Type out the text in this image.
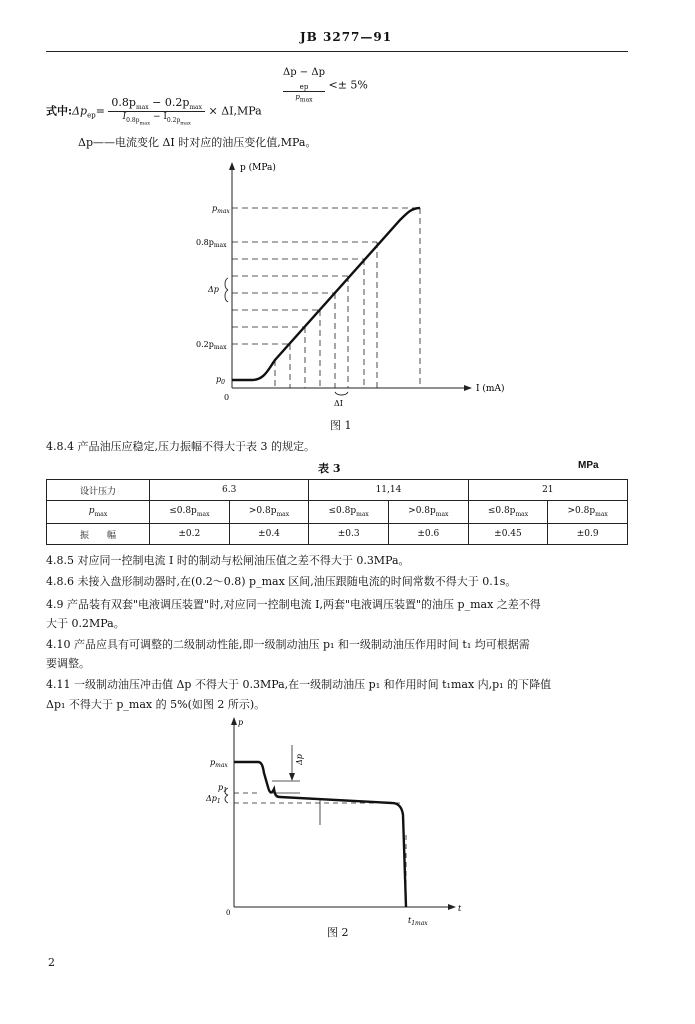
JB 3277—91
Δp − Δp
$_{ep}$
$p_{max}$
<± 5%
式中$:\Delta p_{ep}= \frac{0.8p_{max} - 0.2p_{max}}{I_{0.8p_{max}} - I_{0.2p_{max}}} \times \Delta I,MPa$
Δp——电流变化 ΔI 时对应的油压变化值,MPa。
p (MPa)
I (mA)
0
$p_{max}$
$0.8p_{max}$
Δp
$0.2p_{max}$
$p_0$
ΔI
图 1
4.8.4 产品油压应稳定,压力振幅不得大于表 3 的规定。
表 3	MPa
设计压力	6.3		11,14		21	
$p_{max}$	$\le 0.8p_{max}$	$>0.8p_{max}$	$\le 0.8p_{max}$	$>0.8p_{max}$	$\le 0.8p_{max}$	$>0.8p_{max}$
振　　幅	±0.2	±0.4	±0.3	±0.6	±0.45	±0.9
4.8.5 对应同一控制电流 I 时的制动与松闸油压值之差不得大于 0.3MPa。
4.8.6 未接入盘形制动器时,在(0.2～0.8) p_max 区间,油压跟随电流的时间常数不得大于 0.1s。
4.9 产品装有双套"电液调压装置"时,对应同一控制电流 I,两套"电液调压装置"的油压 p_max 之差不得
大于 0.2MPa。
4.10 产品应具有可调整的二级制动性能,即一级制动油压 p₁ 和一级制动油压作用时间 t₁ 均可根据需
要调整。
4.11 一级制动油压冲击值 Δp 不得大于 0.3MPa,在一级制动油压 p₁ 和作用时间 t₁max 内,p₁ 的下降值
Δp₁ 不得大于 p_max 的 5%(如图 2 所示)。
p
t
0
$p_{max}$
$p_1$
$\Delta p_1$
Δp
$t_{1max}$
图 2
2
